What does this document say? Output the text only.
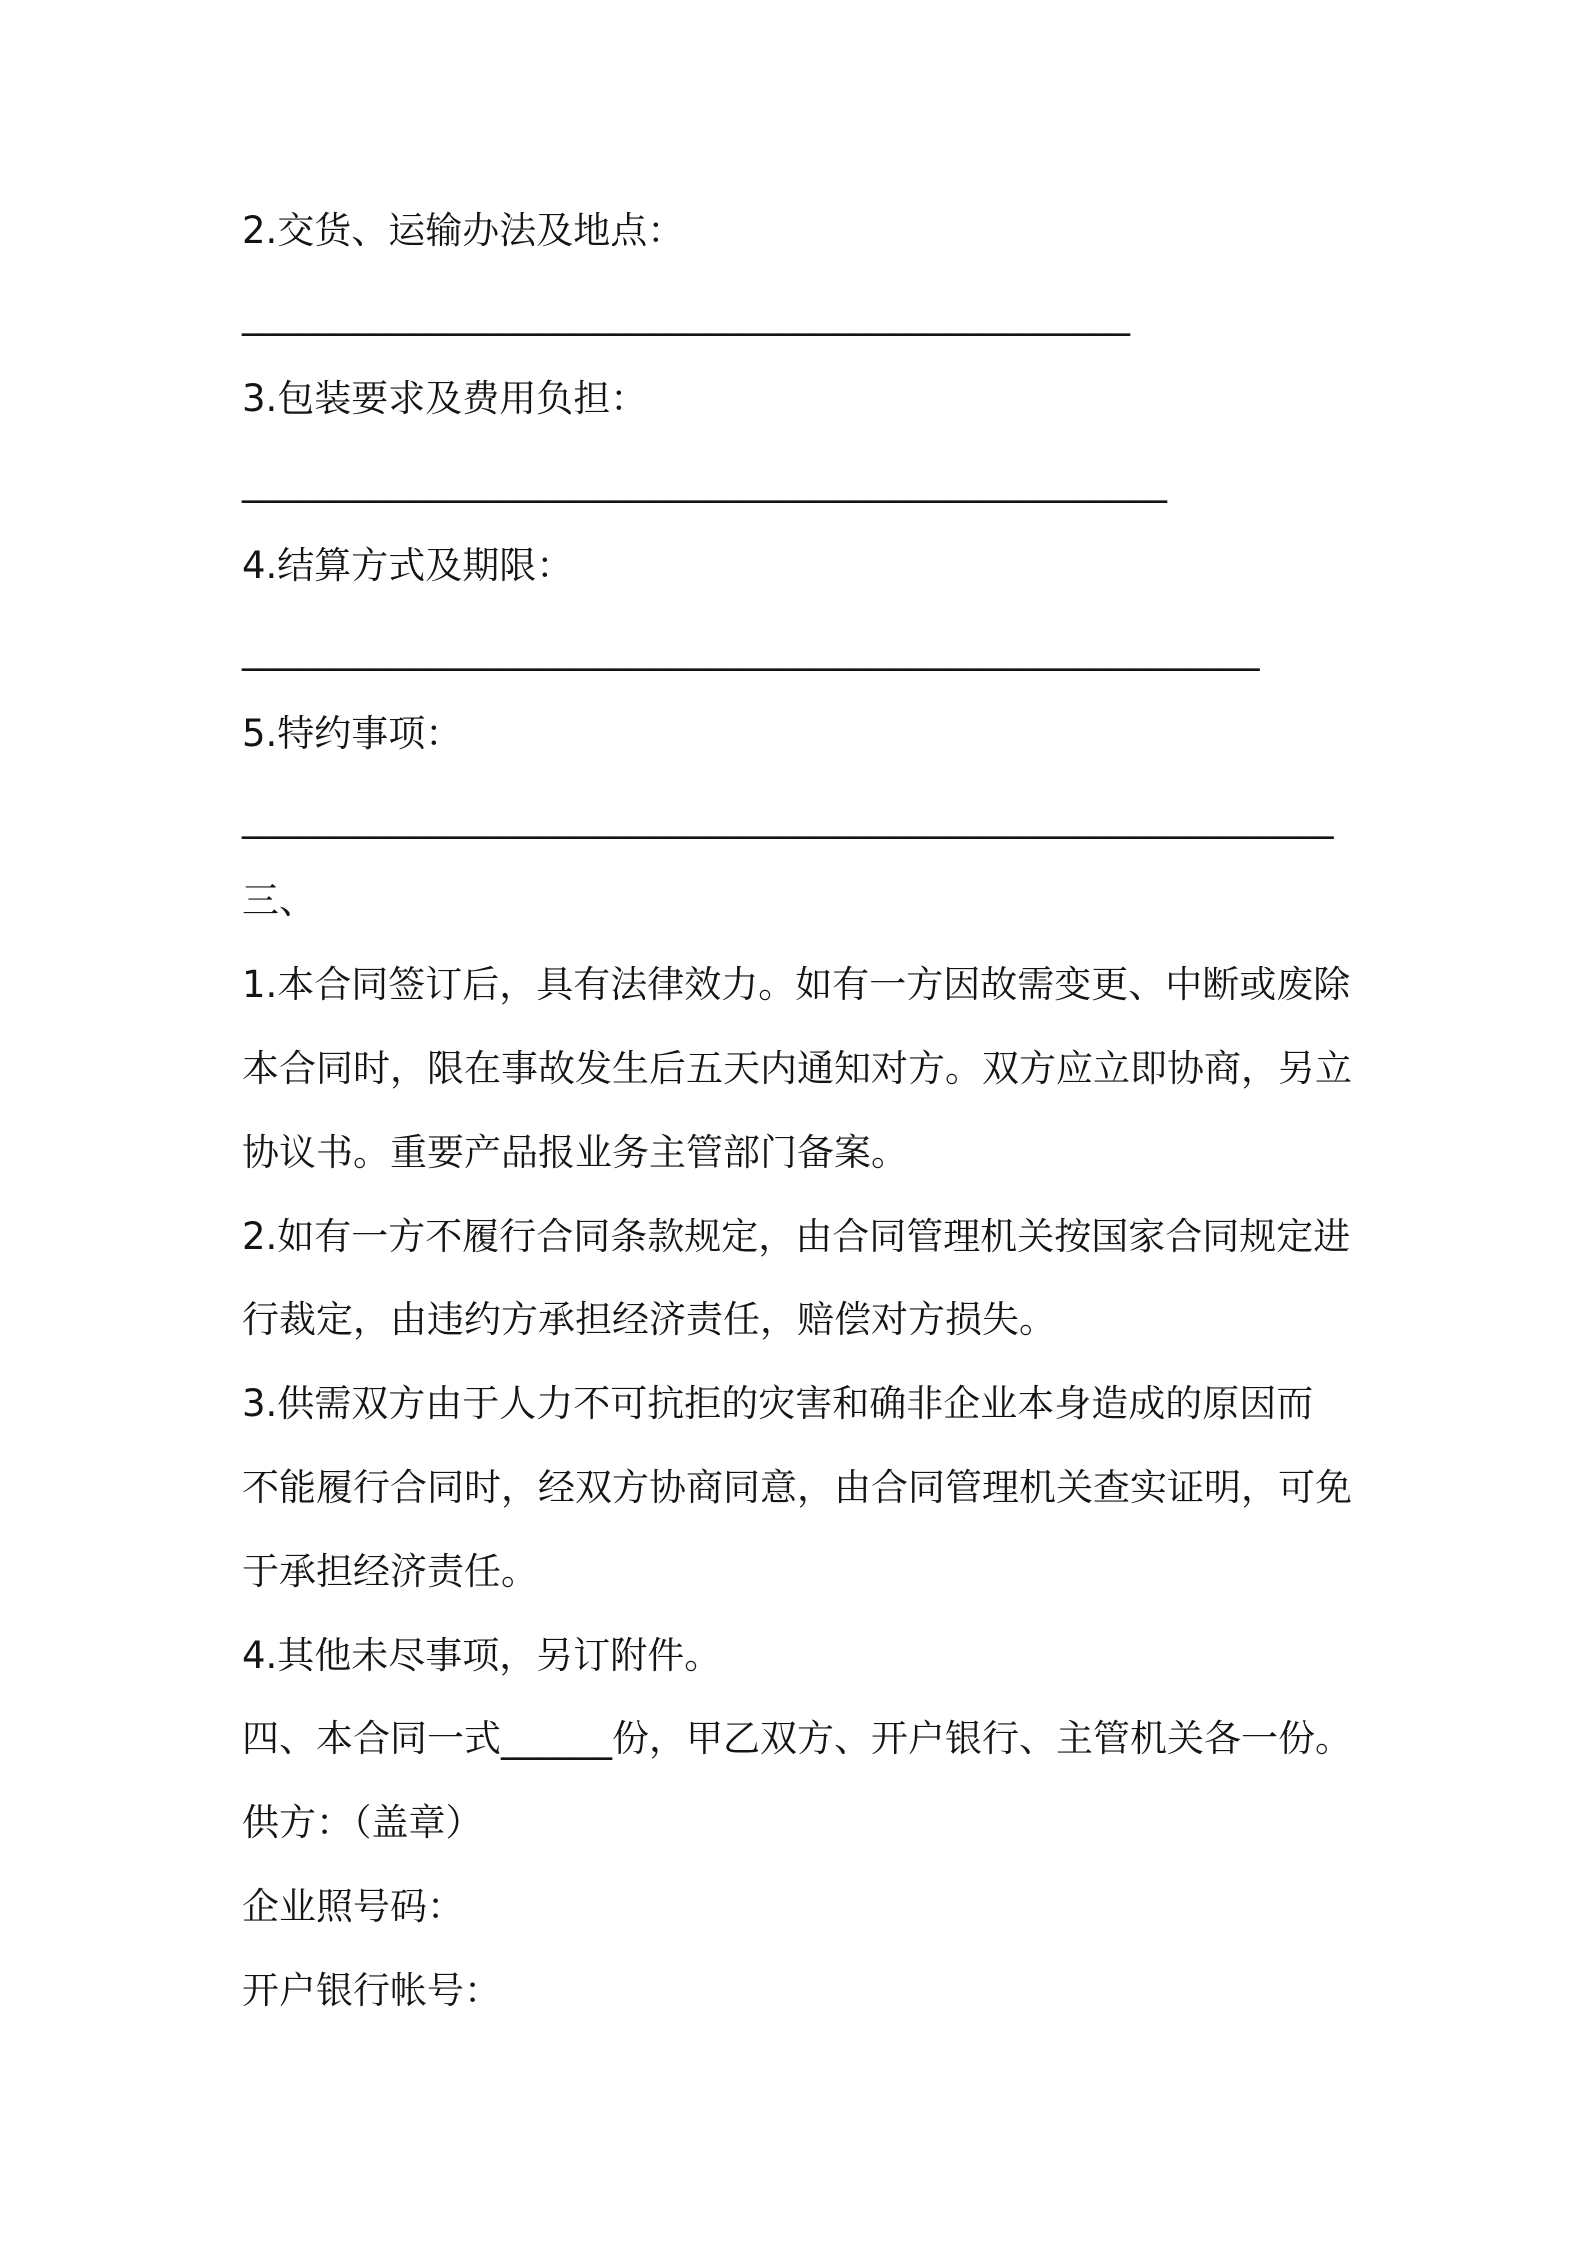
2.交货、运输办法及地点：
________________________________________________
3.包装要求及费用负担：
__________________________________________________
4.结算方式及期限：
_______________________________________________________
5.特约事项：
___________________________________________________________
三、
1.本合同签订后，具有法律效力。如有一方因故需变更、中断或废除
本合同时，限在事故发生后五天内通知对方。双方应立即协商，另立
协议书。重要产品报业务主管部门备案。
2.如有一方不履行合同条款规定，由合同管理机关按国家合同规定进
行裁定，由违约方承担经济责任，赔偿对方损失。
3.供需双方由于人力不可抗拒的灾害和确非企业本身造成的原因而
不能履行合同时，经双方协商同意，由合同管理机关查实证明，可免
于承担经济责任。
4.其他未尽事项，另订附件。
四、本合同一式______份，甲乙双方、开户银行、主管机关各一份。
供方：（盖章）
企业照号码：
开户银行帐号：
